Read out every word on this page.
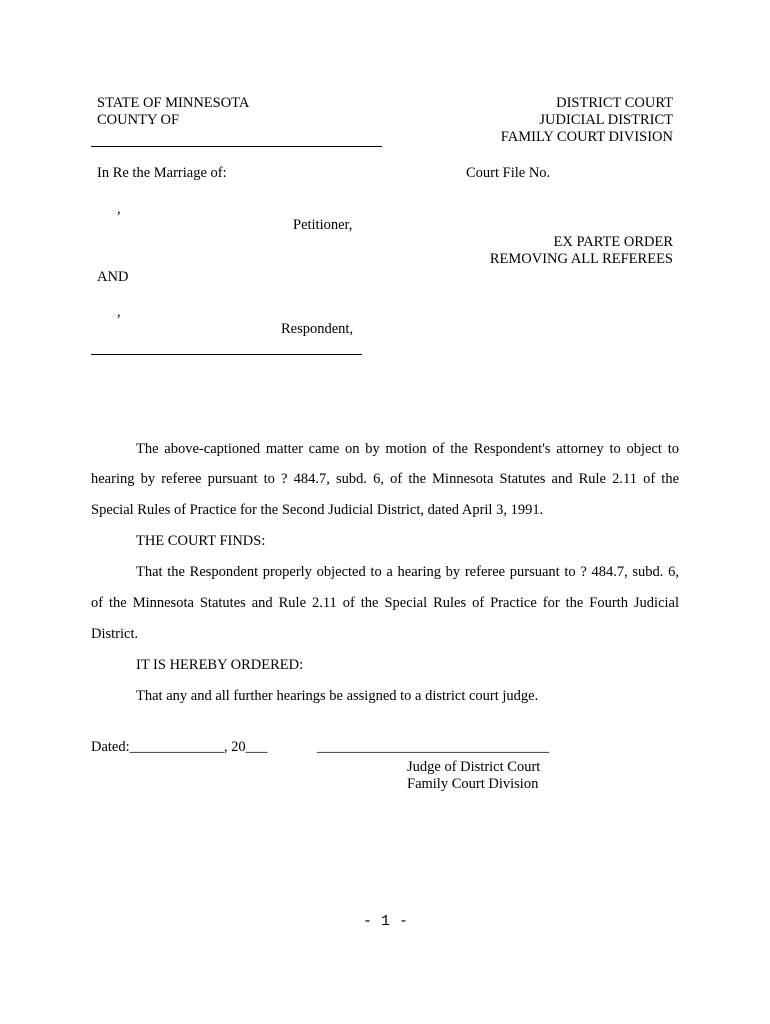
STATE OF MINNESOTA
COUNTY OF
DISTRICT COURT
JUDICIAL DISTRICT
FAMILY COURT DIVISION
In Re the Marriage of:	Court File No.
,
Petitioner,
EX PARTE ORDER
REMOVING ALL REFEREES
AND
,
Respondent,
The above-captioned matter came on by motion of the Respondent's attorney to object to
hearing by referee pursuant to ? 484.7, subd. 6, of the Minnesota Statutes and Rule 2.11 of the
Special Rules of Practice for the Second Judicial District, dated April 3, 1991.
THE COURT FINDS:
That the Respondent properly objected to a hearing by referee pursuant to ? 484.7, subd. 6,
of the Minnesota Statutes and Rule 2.11 of the Special Rules of Practice for the Fourth Judicial
District.
IT IS HEREBY ORDERED:
That any and all further hearings be assigned to a district court judge.
Dated:_____________, 20___	________________________________
Judge of District Court
Family Court Division
- 1 -
